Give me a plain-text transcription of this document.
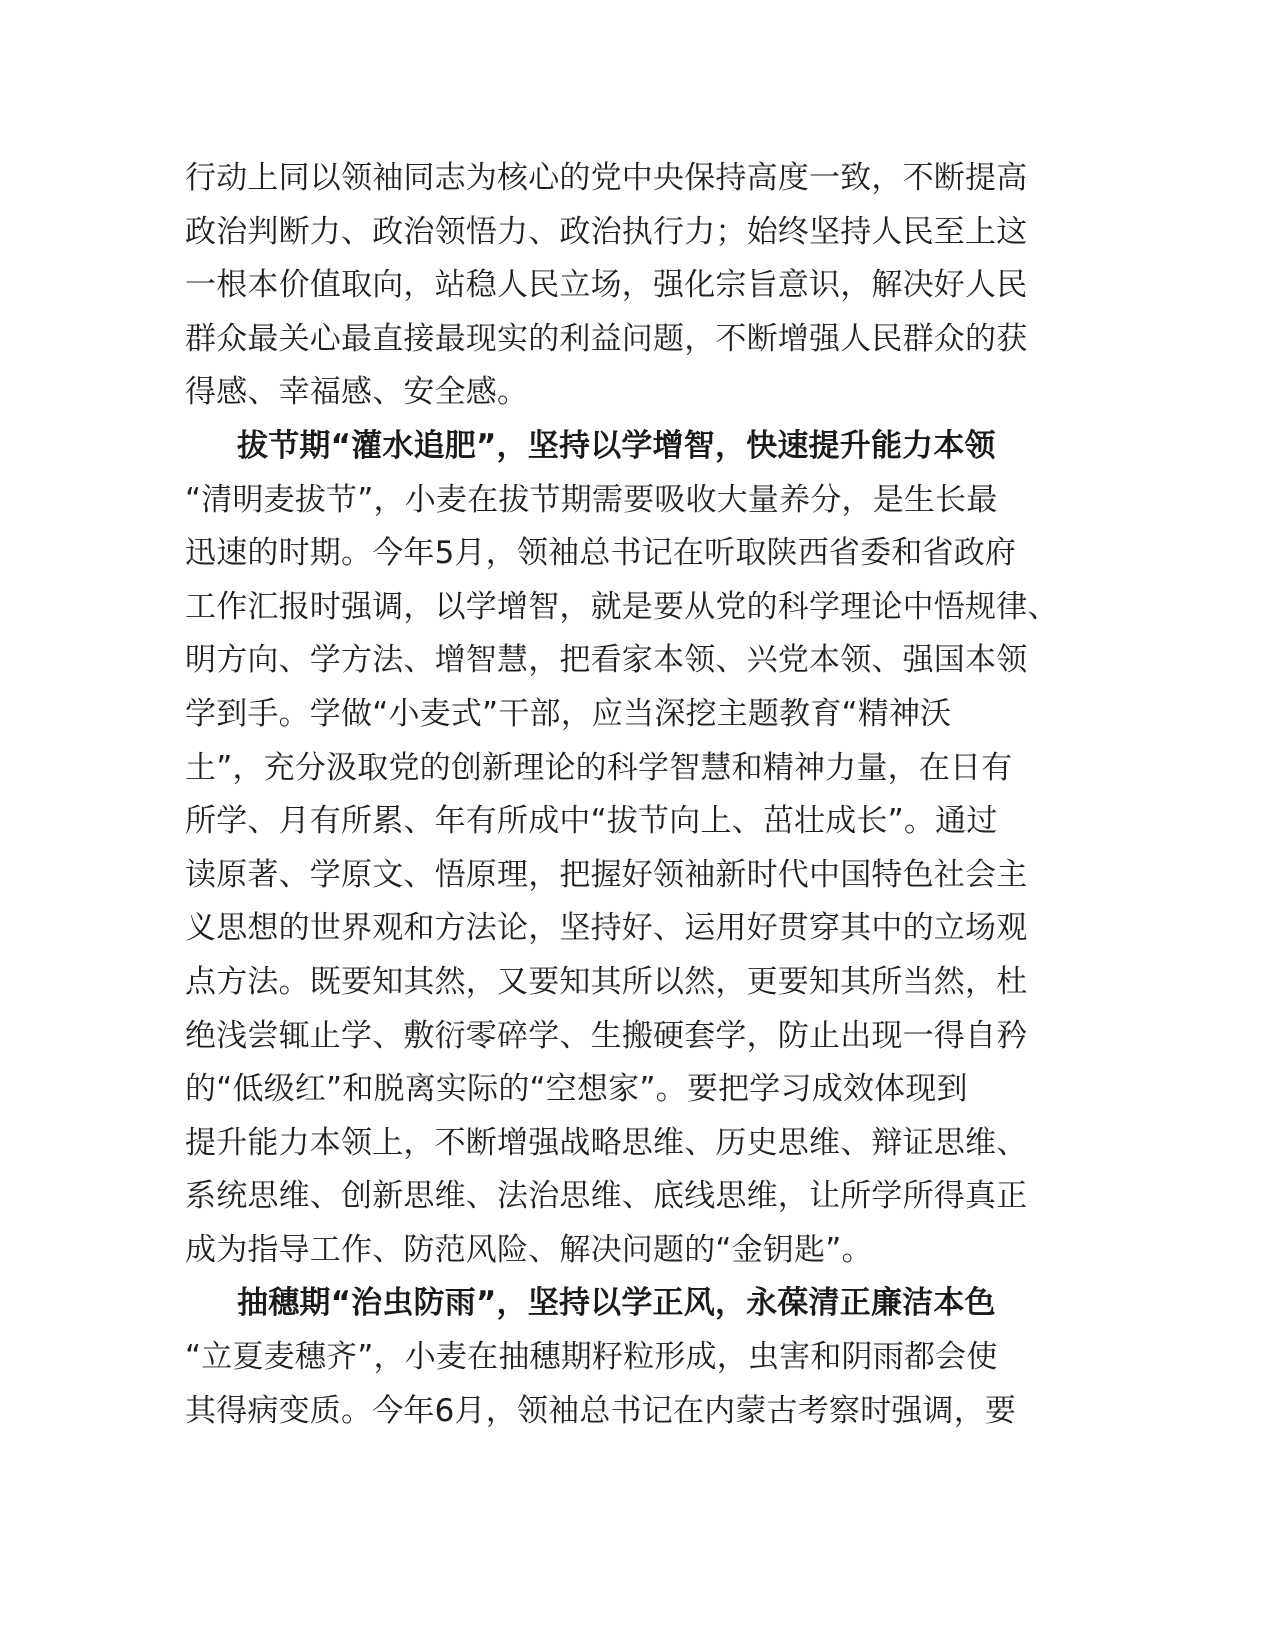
行动上同以领袖同志为核心的党中央保持高度一致，不断提高
政治判断力、政治领悟力、政治执行力；始终坚持人民至上这
一根本价值取向，站稳人民立场，强化宗旨意识，解决好人民
群众最关心最直接最现实的利益问题，不断增强人民群众的获
得感、幸福感、安全感。
拔节期“灌水追肥”，坚持以学增智，快速提升能力本领
“清明麦拔节”，小麦在拔节期需要吸收大量养分，是生长最
迅速的时期。今年5月，领袖总书记在听取陕西省委和省政府
工作汇报时强调，以学增智，就是要从党的科学理论中悟规律、
明方向、学方法、增智慧，把看家本领、兴党本领、强国本领
学到手。学做“小麦式”干部，应当深挖主题教育“精神沃
土”，充分汲取党的创新理论的科学智慧和精神力量，在日有
所学、月有所累、年有所成中“拔节向上、茁壮成长”。通过
读原著、学原文、悟原理，把握好领袖新时代中国特色社会主
义思想的世界观和方法论，坚持好、运用好贯穿其中的立场观
点方法。既要知其然，又要知其所以然，更要知其所当然，杜
绝浅尝辄止学、敷衍零碎学、生搬硬套学，防止出现一得自矜
的“低级红”和脱离实际的“空想家”。要把学习成效体现到
提升能力本领上，不断增强战略思维、历史思维、辩证思维、
系统思维、创新思维、法治思维、底线思维，让所学所得真正
成为指导工作、防范风险、解决问题的“金钥匙”。
抽穗期“治虫防雨”，坚持以学正风，永葆清正廉洁本色
“立夏麦穗齐”，小麦在抽穗期籽粒形成，虫害和阴雨都会使
其得病变质。今年6月，领袖总书记在内蒙古考察时强调，要
